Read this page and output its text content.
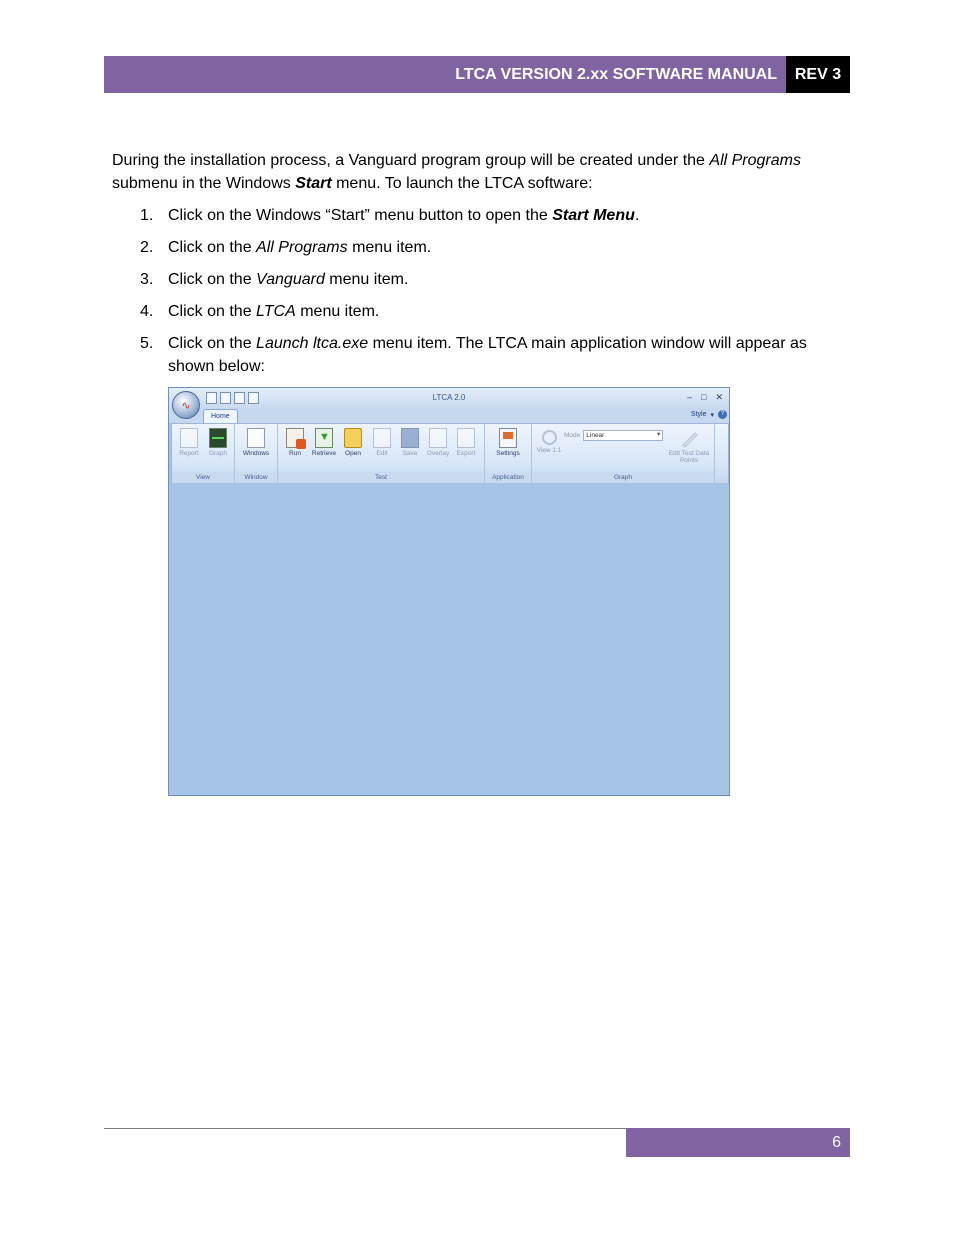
LTCA VERSION 2.xx SOFTWARE MANUAL REV 3
During the installation process, a Vanguard program group will be created under the All Programs submenu in the Windows Start menu. To launch the LTCA software:
1. Click on the Windows “Start” menu button to open the Start Menu.
2. Click on the All Programs menu item.
3. Click on the Vanguard menu item.
4. Click on the LTCA menu item.
5. Click on the Launch ltca.exe menu item. The LTCA main application window will appear as shown below:
LTCA 2.0	– □ ✕
∿
Home	Style ▾	?
Report	Graph
View
Windows
Window
Run
▼	Retrieve	Open	Edit	Save	Overlay	Export
Test
Settings
Application
View 1:1
Mode Linear ▾
Edit Test Data Points
Graph
6
